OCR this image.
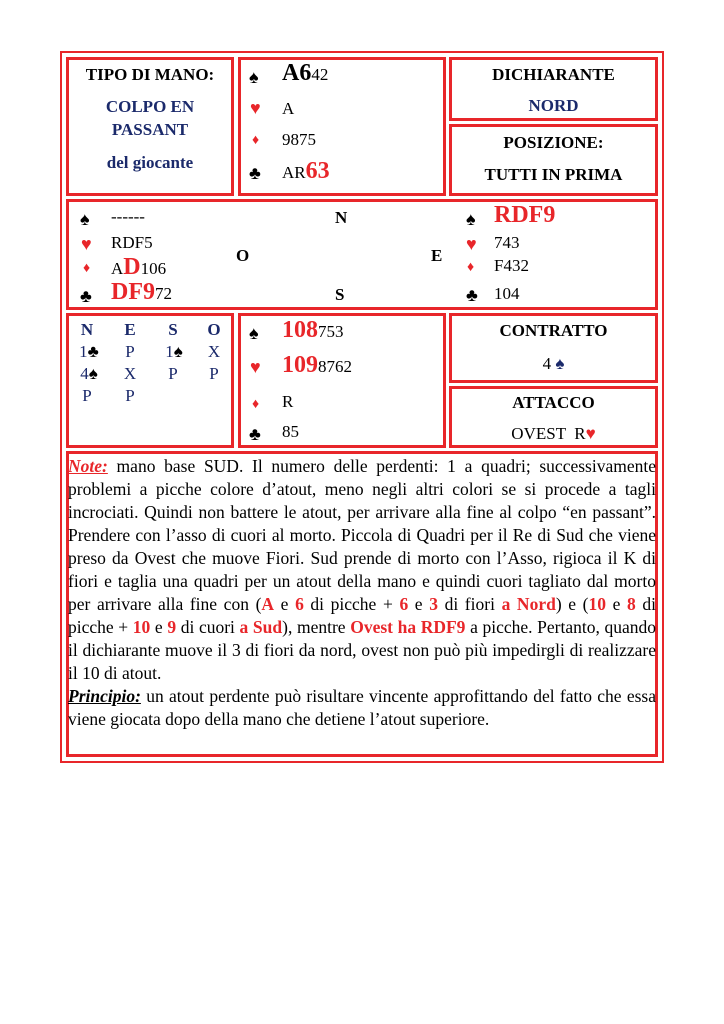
TIPO DI MANO:
COLPO EN
PASSANT
del giocante
♠ A642
♥ A
♦ 9875
♣ AR63
DICHIARANTE
NORD
POSIZIONE:
TUTTI IN PRIMA
♠ ------
♥ RDF5
♦ AD106
♣ DF972
N
O	E
S
♠ RDF9
♥ 743
♦ F432
♣ 104
N	E	S	O
1♣	P	1♠ X
4♠ X	P	P
P	P
♠ 108753
♥ 1098762
♦ R
♣ 85
CONTRATTO
4 ♠
ATTACCO
OVEST  R♥
Note: mano base SUD. Il numero delle perdenti: 1 a quadri; successivamente problemi a picche colore d’atout, meno negli altri colori se si procede a tagli incrociati. Quindi non battere le atout, per arrivare alla fine al colpo “en passant”. Prendere con l’asso di cuori al morto. Piccola di Quadri per il Re di Sud che viene preso da Ovest che muove Fiori. Sud prende di morto con l’Asso, rigioca il K di fiori e taglia una quadri per un atout della mano e quindi cuori tagliato dal morto per arrivare alla fine con (A e 6 di picche + 6 e 3 di fiori a Nord) e (10 e 8 di picche + 10 e 9 di cuori a Sud), mentre Ovest ha RDF9 a picche. Pertanto, quando il dichiarante muove il 3 di fiori da nord, ovest non può più impedirgli di realizzare il 10 di atout.
Principio: un atout perdente può risultare vincente approfittando del fatto che essa viene giocata dopo della mano che detiene l’atout superiore.
